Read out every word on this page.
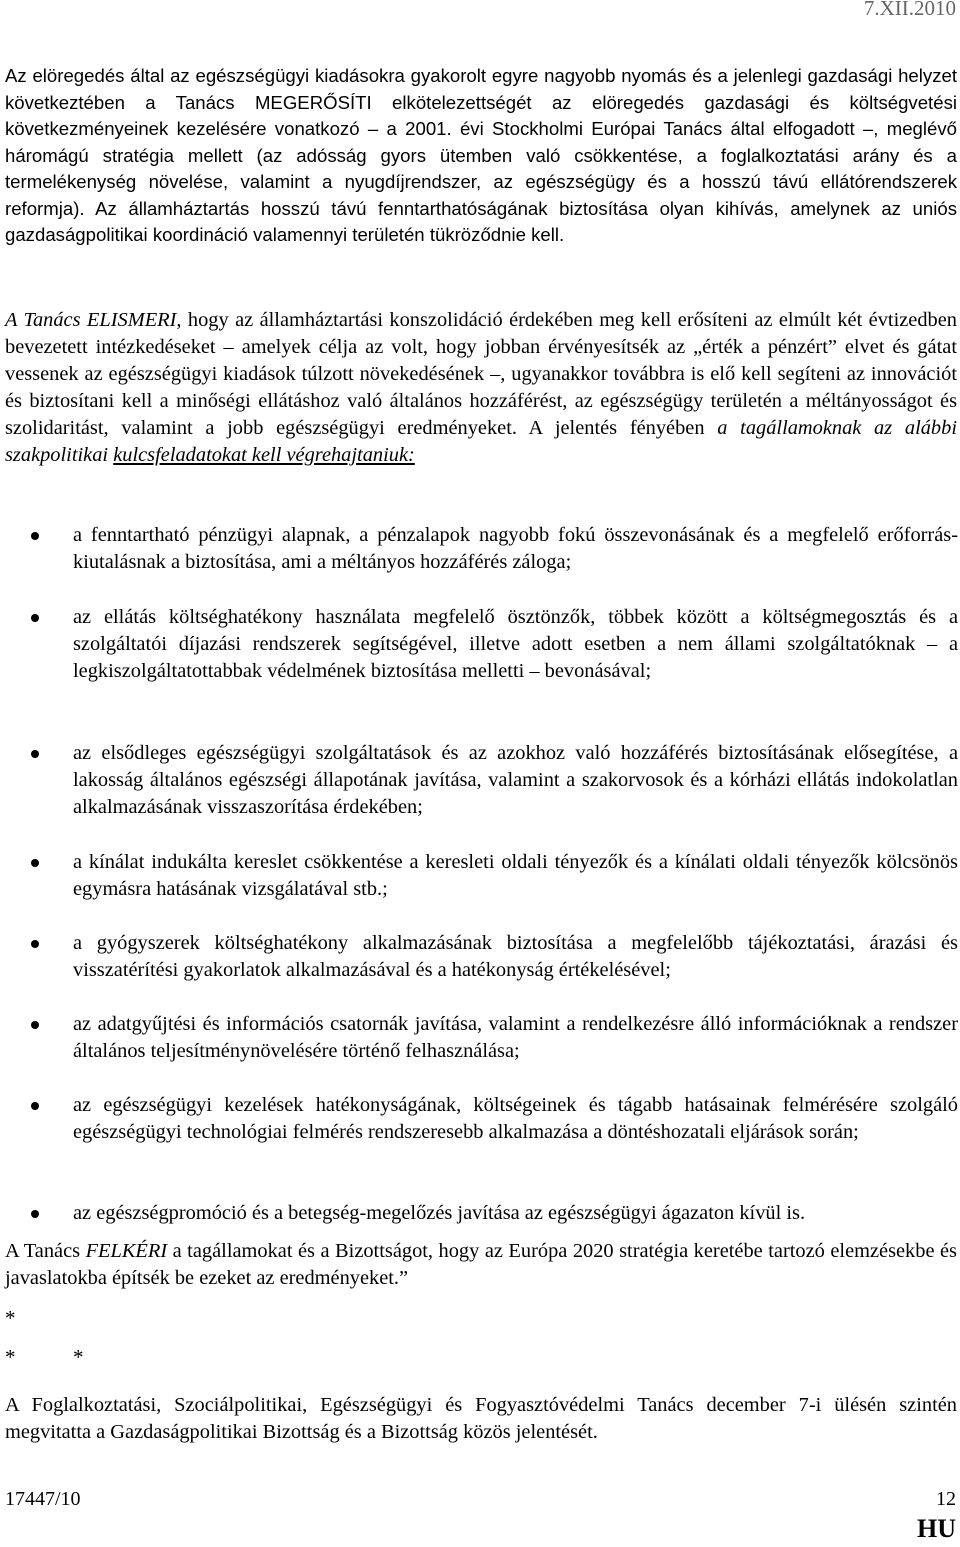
7.XII.2010
Az elöregedés által az egészségügyi kiadásokra gyakorolt egyre nagyobb nyomás és a jelenlegi gazdasági helyzet következtében a Tanács MEGERŐSÍTI elkötelezettségét az elöregedés gazdasági és költségvetési következményeinek kezelésére vonatkozó – a 2001. évi Stockholmi Európai Tanács által elfogadott –, meglévő háromágú stratégia mellett (az adósság gyors ütemben való csökkentése, a foglalkoztatási arány és a termelékenység növelése, valamint a nyugdíjrendszer, az egészségügy és a hosszú távú ellátórendszerek reformja). Az államháztartás hosszú távú fenntarthatóságának biztosítása olyan kihívás, amelynek az uniós gazdaságpolitikai koordináció valamennyi területén tükröződnie kell.
A Tanács ELISMERI, hogy az államháztartási konszolidáció érdekében meg kell erősíteni az elmúlt két évtizedben bevezetett intézkedéseket – amelyek célja az volt, hogy jobban érvényesítsék az „érték a pénzért” elvet és gátat vessenek az egészségügyi kiadások túlzott növekedésének –, ugyanakkor továbbra is elő kell segíteni az innovációt és biztosítani kell a minőségi ellátáshoz való általános hozzáférést, az egészségügy területén a méltányosságot és szolidaritást, valamint a jobb egészségügyi eredményeket. A jelentés fényében a tagállamoknak az alábbi szakpolitikai kulcsfeladatokat kell végrehajtaniuk:
a fenntartható pénzügyi alapnak, a pénzalapok nagyobb fokú összevonásának és a megfelelő erőforrás-kiutalásnak a biztosítása, ami a méltányos hozzáférés záloga;
az ellátás költséghatékony használata megfelelő ösztönzők, többek között a költségmegosztás és a szolgáltatói díjazási rendszerek segítségével, illetve adott esetben a nem állami szolgáltatóknak – a legkiszolgáltatottabbak védelmének biztosítása melletti – bevonásával;
az elsődleges egészségügyi szolgáltatások és az azokhoz való hozzáférés biztosításának elősegítése, a lakosság általános egészségi állapotának javítása, valamint a szakorvosok és a kórházi ellátás indokolatlan alkalmazásának visszaszorítása érdekében;
a kínálat indukálta kereslet csökkentése a keresleti oldali tényezők és a kínálati oldali tényezők kölcsönös egymásra hatásának vizsgálatával stb.;
a gyógyszerek költséghatékony alkalmazásának biztosítása a megfelelőbb tájékoztatási, árazási és visszatérítési gyakorlatok alkalmazásával és a hatékonyság értékelésével;
az adatgyűjtési és információs csatornák javítása, valamint a rendelkezésre álló információknak a rendszer általános teljesítménynövelésére történő felhasználása;
az egészségügyi kezelések hatékonyságának, költségeinek és tágabb hatásainak felmérésére szolgáló egészségügyi technológiai felmérés rendszeresebb alkalmazása a döntéshozatali eljárások során;
az egészségpromóció és a betegség-megelőzés javítása az egészségügyi ágazaton kívül is.
A Tanács FELKÉRI a tagállamokat és a Bizottságot, hogy az Európa 2020 stratégia keretébe tartozó elemzésekbe és javaslatokba építsék be ezeket az eredményeket.”
*
*	*
A Foglalkoztatási, Szociálpolitikai, Egészségügyi és Fogyasztóvédelmi Tanács december 7-i ülésén szintén megvitatta a Gazdaságpolitikai Bizottság és a Bizottság közös jelentését.
17447/10	12
HU
